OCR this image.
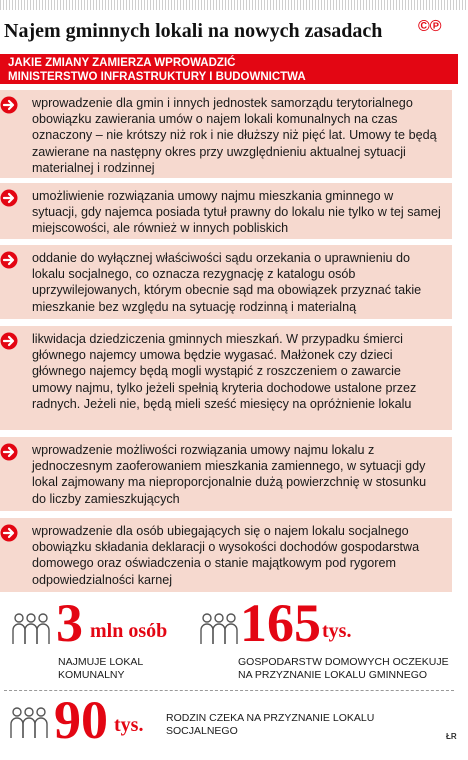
Najem gminnych lokali na nowych zasadach ©℗
JAKIE ZMIANY ZAMIERZA WPROWADZIĆ
MINISTERSTWO INFRASTRUKTURY I BUDOWNICTWA
wprowadzenie dla gmin i innych jednostek samorządu terytorialnego obowiązku zawierania umów o najem lokali komunalnych na czas oznaczony – nie krótszy niż rok i nie dłuższy niż pięć lat. Umowy te będą zawierane na następny okres przy uwzględnieniu aktualnej sytuacji materialnej i rodzinnej
umożliwienie rozwiązania umowy najmu mieszkania gminnego w sytuacji, gdy najemca posiada tytuł prawny do lokalu nie tylko w tej samej miejscowości, ale również w innych pobliskich
oddanie do wyłącznej właściwości sądu orzekania o uprawnieniu do lokalu socjalnego, co oznacza rezygnację z katalogu osób uprzywilejowanych, którym obecnie sąd ma obowiązek przyznać takie mieszkanie bez względu na sytuację rodzinną i materialną
likwidacja dziedziczenia gminnych mieszkań. W przypadku śmierci głównego najemcy umowa będzie wygasać. Małżonek czy dzieci głównego najemcy będą mogli wystąpić z roszczeniem o zawarcie umowy najmu, tylko jeżeli spełnią kryteria dochodowe ustalone przez radnych. Jeżeli nie, będą mieli sześć miesięcy na opróżnienie lokalu
wprowadzenie możliwości rozwiązania umowy najmu lokalu z jednoczesnym zaoferowaniem mieszkania zamiennego, w sytuacji gdy lokal zajmowany ma nieproporcjonalnie dużą powierzchnię w stosunku do liczby zamieszkujących
wprowadzenie dla osób ubiegających się o najem lokalu socjalnego obowiązku składania deklaracji o wysokości dochodów gospodarstwa domowego oraz oświadczenia o stanie majątkowym pod rygorem odpowiedzialności karnej
3 mln osób
NAJMUJE LOKAL
KOMUNALNY
165 tys.
GOSPODARSTW DOMOWYCH OCZEKUJE
NA PRZYZNANIE LOKALU GMINNEGO
90 tys. RODZIN CZEKA NA PRZYZNANIE LOKALU
SOCJALNEGO	ŁR
